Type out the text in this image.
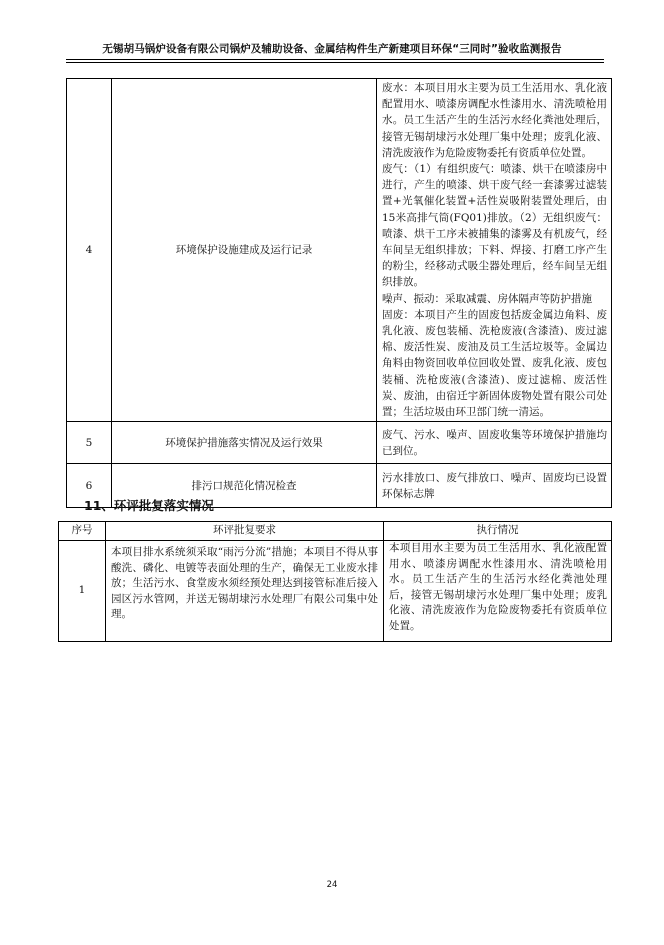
无锡胡马锅炉设备有限公司锅炉及辅助设备、金属结构件生产新建项目环保“三同时”验收监测报告
4	环境保护设施建成及运行记录	废水：本项目用水主要为员工生活用水、乳化液配置用水、喷漆房调配水性漆用水、清洗喷枪用水。员工生活产生的生活污水经化粪池处理后，接管无锡胡埭污水处理厂集中处理；废乳化液、清洗废液作为危险废物委托有资质单位处置。
废气：（1）有组织废气：喷漆、烘干在喷漆房中进行，产生的喷漆、烘干废气经一套漆雾过滤装置+光氧催化装置+活性炭吸附装置处理后，由15米高排气筒(FQ01)排放。（2）无组织废气：喷漆、烘干工序未被捕集的漆雾及有机废气，经车间呈无组织排放；下料、焊接、打磨工序产生的粉尘，经移动式吸尘器处理后，经车间呈无组织排放。
噪声、振动：采取减震、房体隔声等防护措施
固废：本项目产生的固废包括废金属边角料、废乳化液、废包装桶、洗枪废液(含漆渣)、废过滤棉、废活性炭、废油及员工生活垃圾等。金属边角料由物资回收单位回收处置、废乳化液、废包装桶、洗枪废液(含漆渣)、废过滤棉、废活性炭、废油，由宿迁宇新固体废物处置有限公司处置；生活垃圾由环卫部门统一清运。

5	环境保护措施落实情况及运行效果	废气、污水、噪声、固废收集等环境保护措施均已到位。
6	排污口规范化情况检查	污水排放口、废气排放口、噪声、固废均已设置环保标志牌
11、环评批复落实情况
序号	环评批复要求	执行情况
1	本项目排水系统须采取“雨污分流”措施；本项目不得从事酸洗、磷化、电镀等表面处理的生产，确保无工业废水排放；生活污水、食堂废水须经预处理达到接管标准后接入园区污水管网，并送无锡胡埭污水处理厂有限公司集中处理。	本项目用水主要为员工生活用水、乳化液配置用水、喷漆房调配水性漆用水、清洗喷枪用水。员工生活产生的生活污水经化粪池处理后，接管无锡胡埭污水处理厂集中处理；废乳化液、清洗废液作为危险废物委托有资质单位处置。
24
